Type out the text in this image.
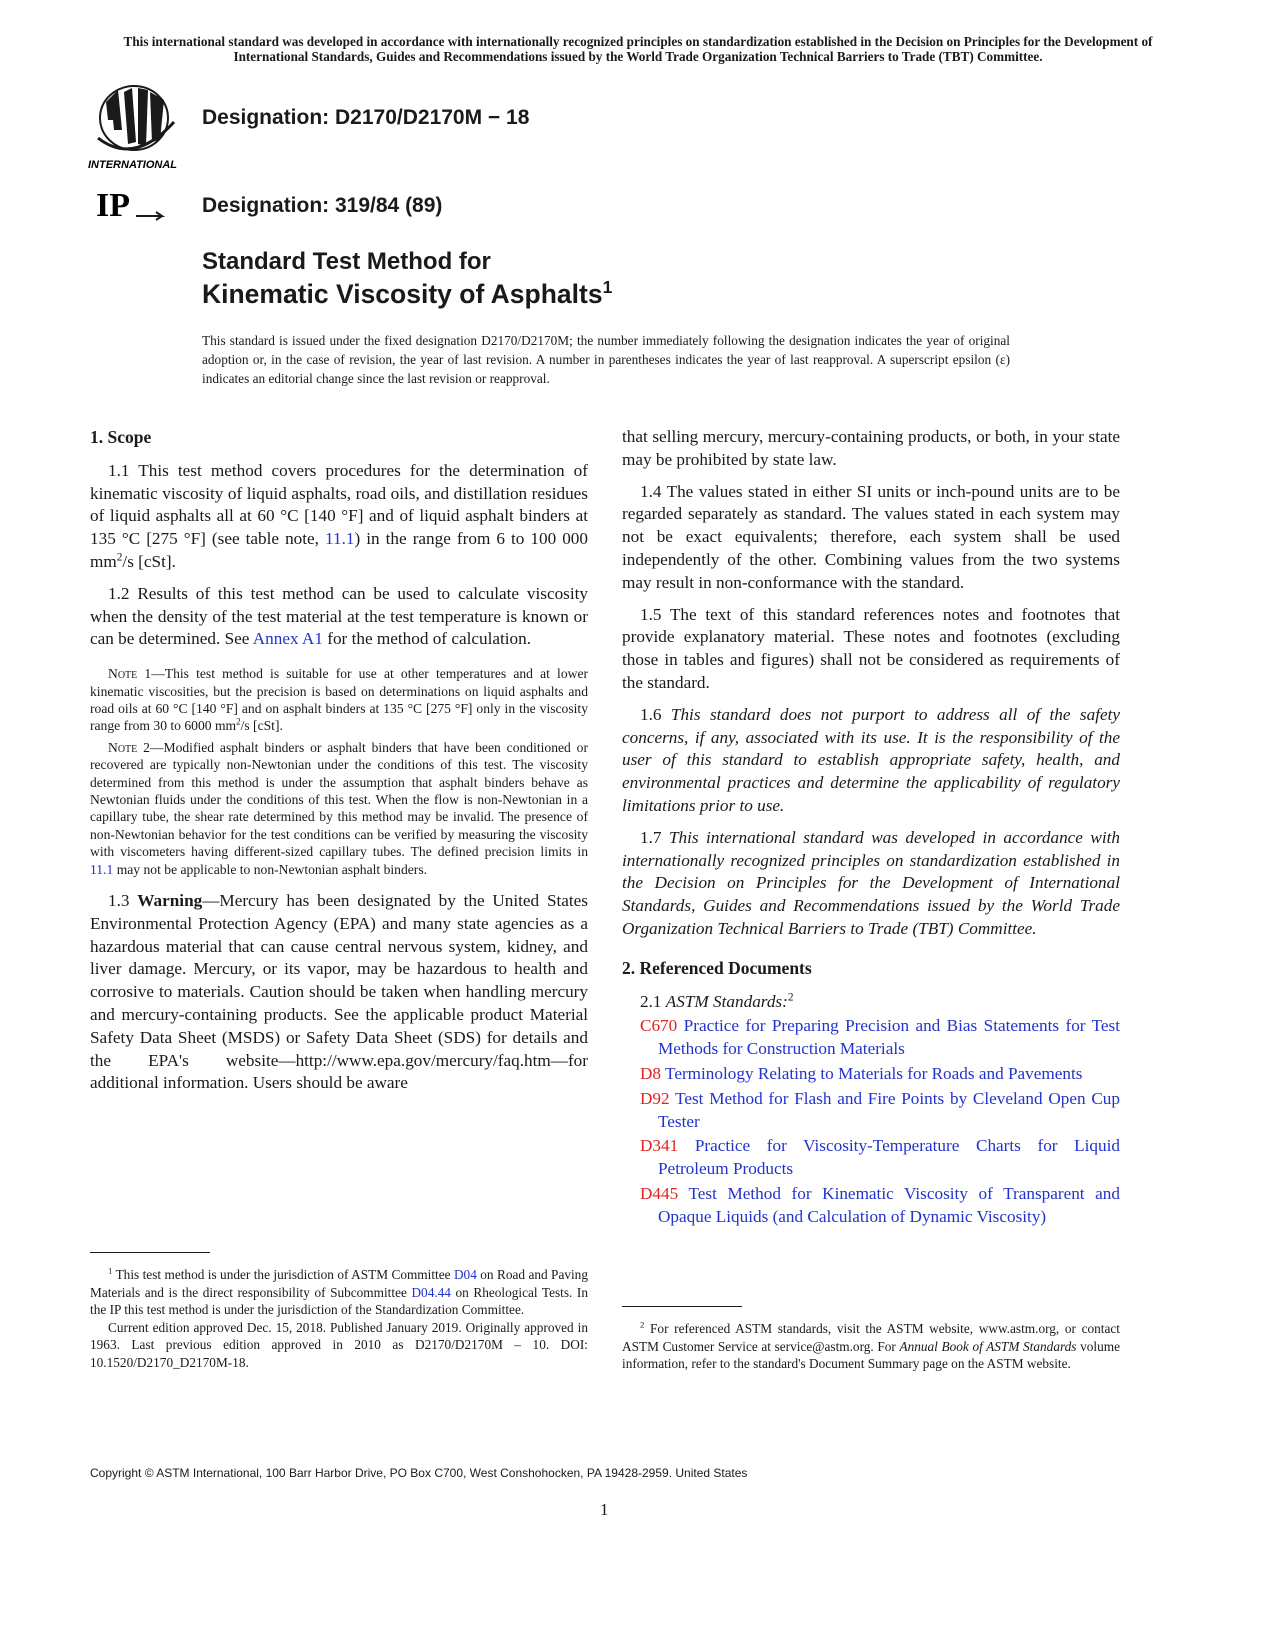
This international standard was developed in accordance with internationally recognized principles on standardization established in the Decision on Principles for the Development of International Standards, Guides and Recommendations issued by the World Trade Organization Technical Barriers to Trade (TBT) Committee.
INTERNATIONAL
Designation: D2170/D2170M − 18
IP	Designation: 319/84 (89)
Standard Test Method for
Kinematic Viscosity of Asphalts$^1$
This standard is issued under the fixed designation D2170/D2170M; the number immediately following the designation indicates the year of original adoption or, in the case of revision, the year of last revision. A number in parentheses indicates the year of last reapproval. A superscript epsilon (ε) indicates an editorial change since the last revision or reapproval.
1. Scope

1.1 This test method covers procedures for the determination of kinematic viscosity of liquid asphalts, road oils, and distillation residues of liquid asphalts all at 60 °C [140 °F] and of liquid asphalt binders at 135 °C [275 °F] (see table note, 11.1) in the range from 6 to 100 000 $mm^2/s$ [cSt].

1.2 Results of this test method can be used to calculate viscosity when the density of the test material at the test temperature is known or can be determined. See Annex A1 for the method of calculation.

Note 1—This test method is suitable for use at other temperatures and at lower kinematic viscosities, but the precision is based on determinations on liquid asphalts and road oils at 60 °C [140 °F] and on asphalt binders at 135 °C [275 °F] only in the viscosity range from 30 to 6000 $mm^2/s$ [cSt].

Note 2—Modified asphalt binders or asphalt binders that have been conditioned or recovered are typically non-Newtonian under the conditions of this test. The viscosity determined from this method is under the assumption that asphalt binders behave as Newtonian fluids under the conditions of this test. When the flow is non-Newtonian in a capillary tube, the shear rate determined by this method may be invalid. The presence of non-Newtonian behavior for the test conditions can be verified by measuring the viscosity with viscometers having different-sized capillary tubes. The defined precision limits in 11.1 may not be applicable to non-Newtonian asphalt binders.

1.3 Warning—Mercury has been designated by the United States Environmental Protection Agency (EPA) and many state agencies as a hazardous material that can cause central nervous system, kidney, and liver damage. Mercury, or its vapor, may be hazardous to health and corrosive to materials. Caution should be taken when handling mercury and mercury-containing products. See the applicable product Material Safety Data Sheet (MSDS) or Safety Data Sheet (SDS) for details and the EPA's website—http://www.epa.gov/mercury/faq.htm—for additional information. Users should be aware

$^1$ This test method is under the jurisdiction of ASTM Committee D04 on Road and Paving Materials and is the direct responsibility of Subcommittee D04.44 on Rheological Tests. In the IP this test method is under the jurisdiction of the Standardization Committee.

Current edition approved Dec. 15, 2018. Published January 2019. Originally approved in 1963. Last previous edition approved in 2010 as D2170/D2170M – 10. DOI: 10.1520/D2170_D2170M-18.

that selling mercury, mercury-containing products, or both, in your state may be prohibited by state law.

1.4 The values stated in either SI units or inch-pound units are to be regarded separately as standard. The values stated in each system may not be exact equivalents; therefore, each system shall be used independently of the other. Combining values from the two systems may result in non-conformance with the standard.

1.5 The text of this standard references notes and footnotes that provide explanatory material. These notes and footnotes (excluding those in tables and figures) shall not be considered as requirements of the standard.

1.6 This standard does not purport to address all of the safety concerns, if any, associated with its use. It is the responsibility of the user of this standard to establish appropriate safety, health, and environmental practices and determine the applicability of regulatory limitations prior to use.

1.7 This international standard was developed in accordance with internationally recognized principles on standardization established in the Decision on Principles for the Development of International Standards, Guides and Recommendations issued by the World Trade Organization Technical Barriers to Trade (TBT) Committee.

2. Referenced Documents

2.1 ASTM Standards:$^2$

C670 Practice for Preparing Precision and Bias Statements for Test Methods for Construction Materials

D8 Terminology Relating to Materials for Roads and Pavements

D92 Test Method for Flash and Fire Points by Cleveland Open Cup Tester

D341 Practice for Viscosity-Temperature Charts for Liquid Petroleum Products

D445 Test Method for Kinematic Viscosity of Transparent and Opaque Liquids (and Calculation of Dynamic Viscosity)

$^2$ For referenced ASTM standards, visit the ASTM website, www.astm.org, or contact ASTM Customer Service at service@astm.org. For Annual Book of ASTM Standards volume information, refer to the standard's Document Summary page on the ASTM website.

Copyright © ASTM International, 100 Barr Harbor Drive, PO Box C700, West Conshohocken, PA 19428-2959. United States
1
